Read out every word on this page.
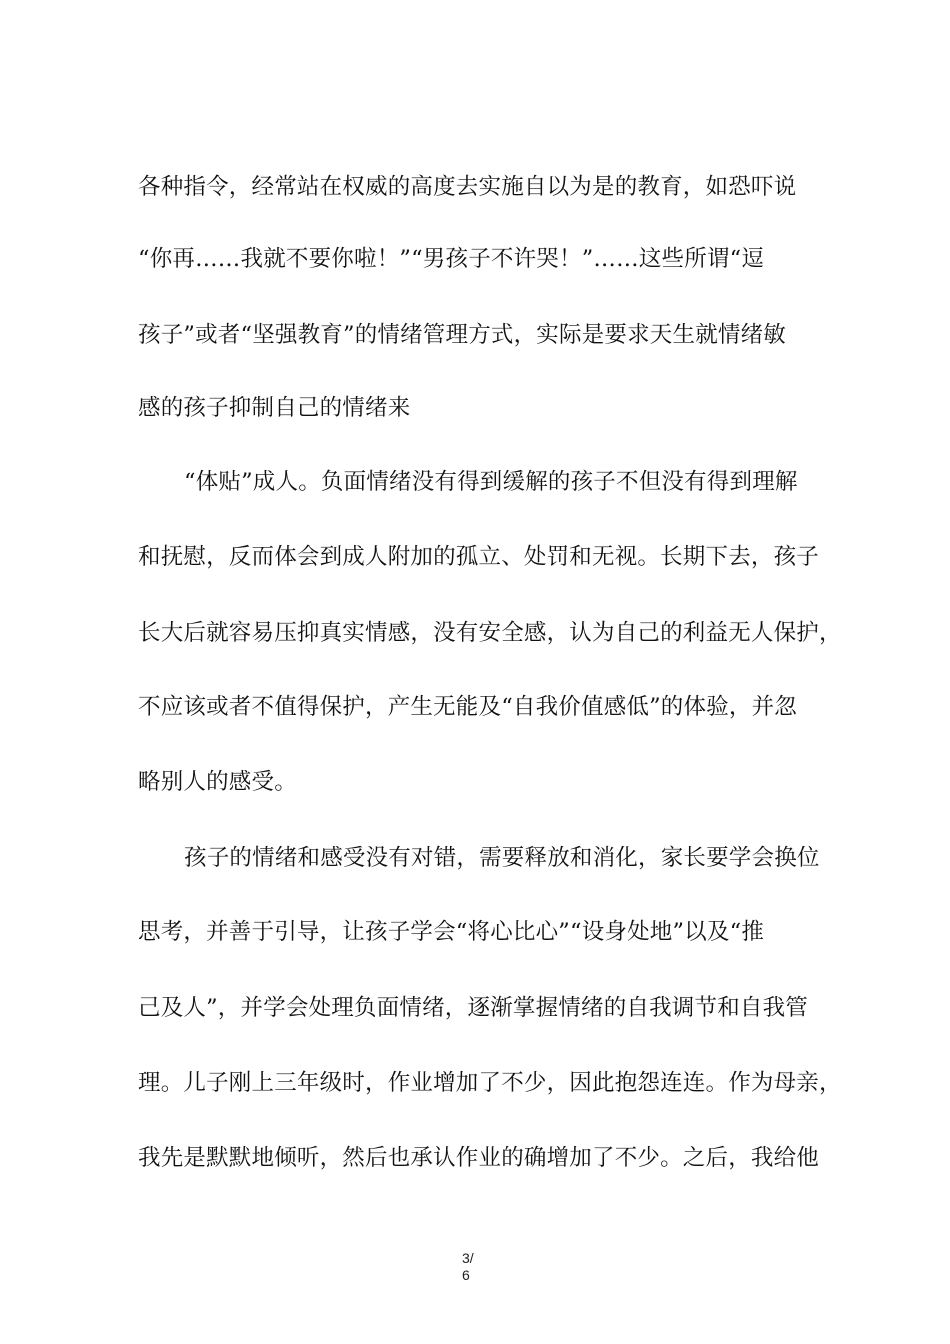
各种指令，经常站在权威的高度去实施自以为是的教育，如恐吓说
“你再……我就不要你啦！”“男孩子不许哭！”……这些所谓“逗
孩子”或者“坚强教育”的情绪管理方式，实际是要求天生就情绪敏
感的孩子抑制自己的情绪来
“体贴”成人。负面情绪没有得到缓解的孩子不但没有得到理解
和抚慰，反而体会到成人附加的孤立、处罚和无视。长期下去，孩子
长大后就容易压抑真实情感，没有安全感，认为自己的利益无人保护，
不应该或者不值得保护，产生无能及“自我价值感低”的体验，并忽
略别人的感受。
孩子的情绪和感受没有对错，需要释放和消化，家长要学会换位
思考，并善于引导，让孩子学会“将心比心”“设身处地”以及“推
己及人”，并学会处理负面情绪，逐渐掌握情绪的自我调节和自我管
理。儿子刚上三年级时，作业增加了不少，因此抱怨连连。作为母亲，
我先是默默地倾听，然后也承认作业的确增加了不少。之后，我给他
3/
6
